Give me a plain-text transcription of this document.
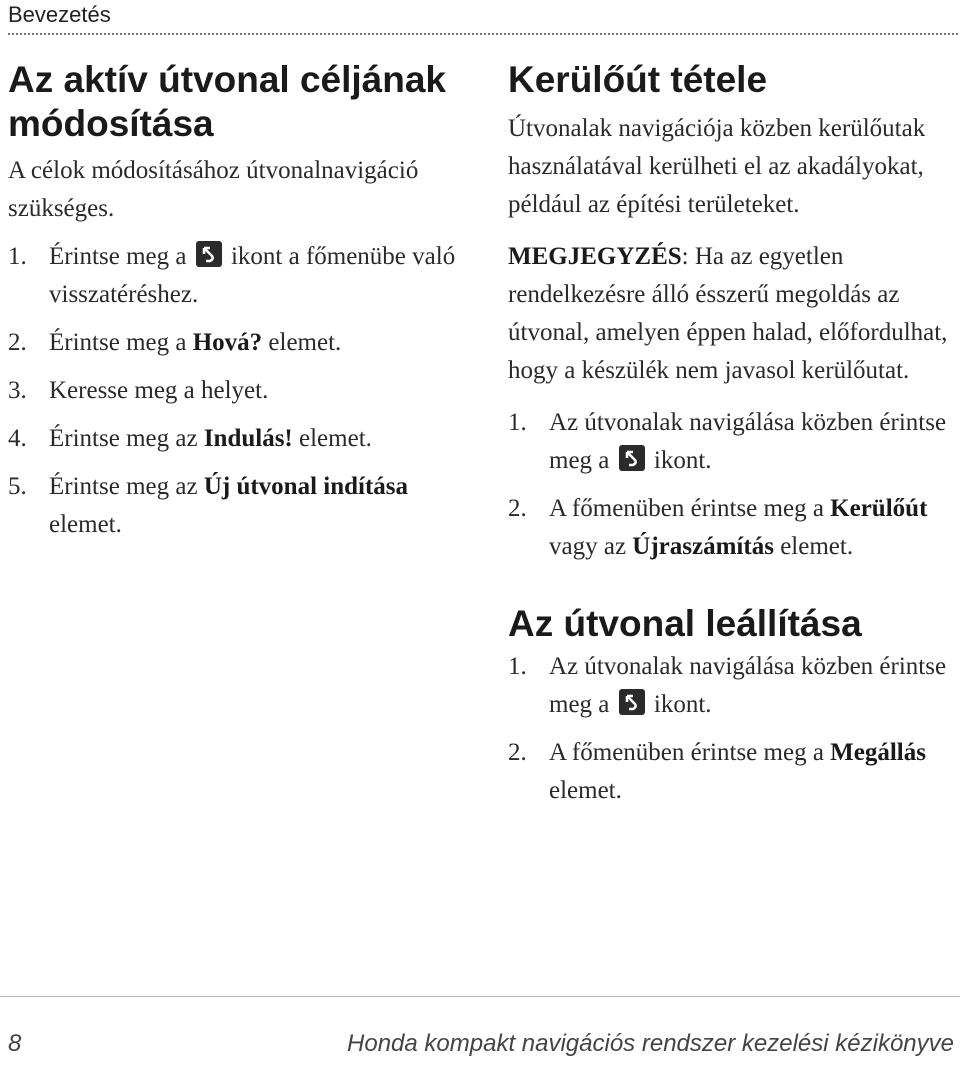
Bevezetés
Az aktív útvonal céljának módosítása

A célok módosításához útvonalnavigáció szükséges.

1. Érintse meg a ikont a főmenübe való visszatéréshez.
2. Érintse meg a Hová? elemet.
3. Keresse meg a helyet.
4. Érintse meg az Indulás! elemet.
5. Érintse meg az Új útvonal indítása elemet.
Kerülőút tétele

Útvonalak navigációja közben kerülőutak használatával kerülheti el az akadályokat, például az építési területeket.

MEGJEGYZÉS: Ha az egyetlen rendelkezésre álló ésszerű megoldás az útvonal, amelyen éppen halad, előfordulhat, hogy a készülék nem javasol kerülőutat.

1. Az útvonalak navigálása közben érintse meg a ikont.
2. A főmenüben érintse meg a Kerülőút vagy az Újraszámítás elemet.
Az útvonal leállítása
1. Az útvonalak navigálása közben érintse meg a ikont.
2. A főmenüben érintse meg a Megállás elemet.
8	Honda kompakt navigációs rendszer kezelési kézikönyve
